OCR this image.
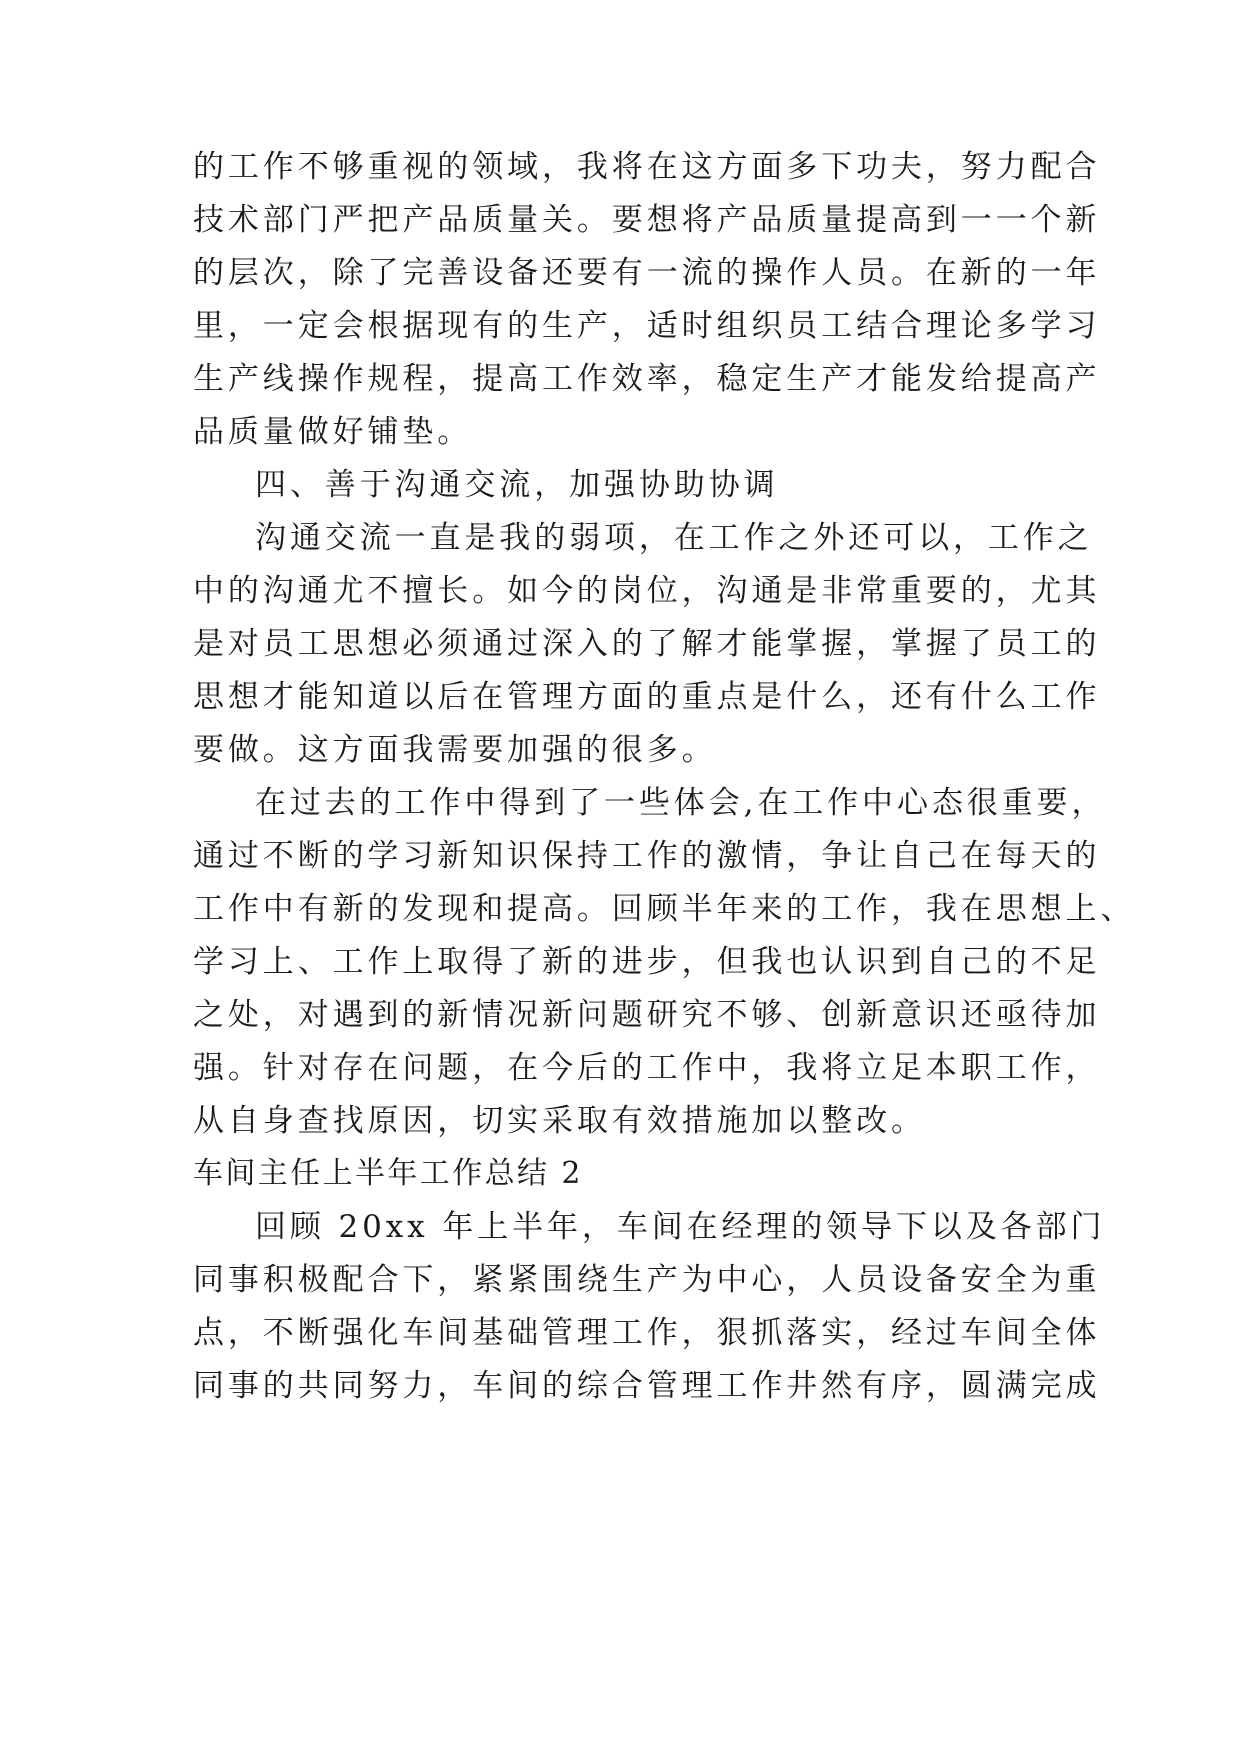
的工作不够重视的领域，我将在这方面多下功夫，努力配合
技术部门严把产品质量关。要想将产品质量提高到一一个新
的层次，除了完善设备还要有一流的操作人员。在新的一年
里，一定会根据现有的生产，适时组织员工结合理论多学习
生产线操作规程，提高工作效率，稳定生产才能发给提高产
品质量做好铺垫。
四、善于沟通交流，加强协助协调
沟通交流一直是我的弱项，在工作之外还可以，工作之
中的沟通尤不擅长。如今的岗位，沟通是非常重要的，尤其
是对员工思想必须通过深入的了解才能掌握，掌握了员工的
思想才能知道以后在管理方面的重点是什么，还有什么工作
要做。这方面我需要加强的很多。
在过去的工作中得到了一些体会,在工作中心态很重要，
通过不断的学习新知识保持工作的激情，争让自己在每天的
工作中有新的发现和提高。回顾半年来的工作，我在思想上、
学习上、工作上取得了新的进步，但我也认识到自己的不足
之处，对遇到的新情况新问题研究不够、创新意识还亟待加
强。针对存在问题，在今后的工作中，我将立足本职工作，
从自身查找原因，切实采取有效措施加以整改。
车间主任上半年工作总结 2
回顾 20xx 年上半年，车间在经理的领导下以及各部门
同事积极配合下，紧紧围绕生产为中心，人员设备安全为重
点，不断强化车间基础管理工作，狠抓落实，经过车间全体
同事的共同努力，车间的综合管理工作井然有序，圆满完成
